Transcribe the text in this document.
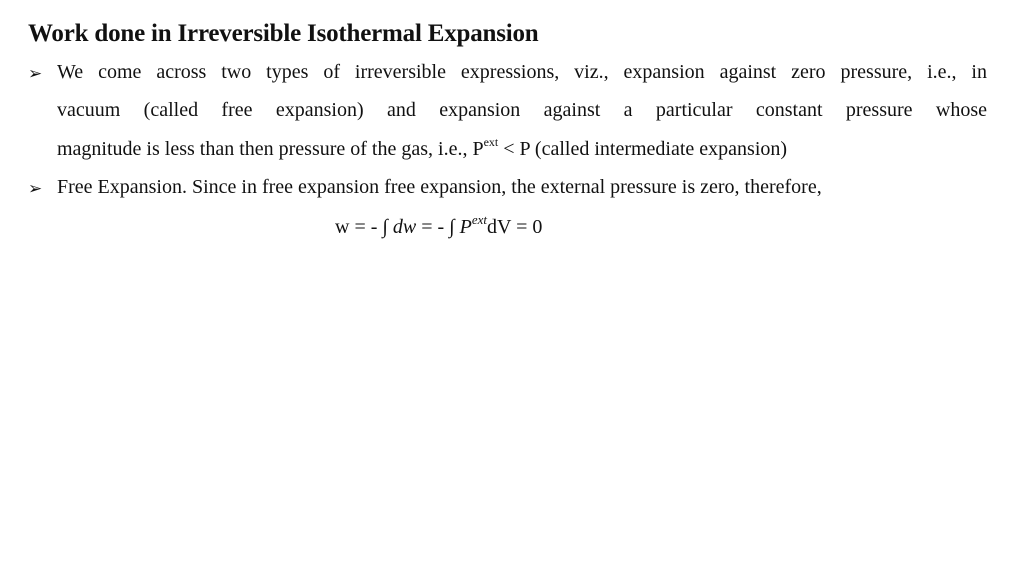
Work done in Irreversible Isothermal Expansion
➢ We come across two types of irreversible expressions, viz., expansion against zero pressure, i.e., in
vacuum (called free expansion) and expansion against a particular constant pressure whose
magnitude is less than then pressure of the gas, i.e., $P^{ext} < P$ (called intermediate expansion)
➢ Free Expansion. Since in free expansion free expansion, the external pressure is zero, therefore,
w = - ∫ dw = - ∫ $P^{ext}dV = 0$
